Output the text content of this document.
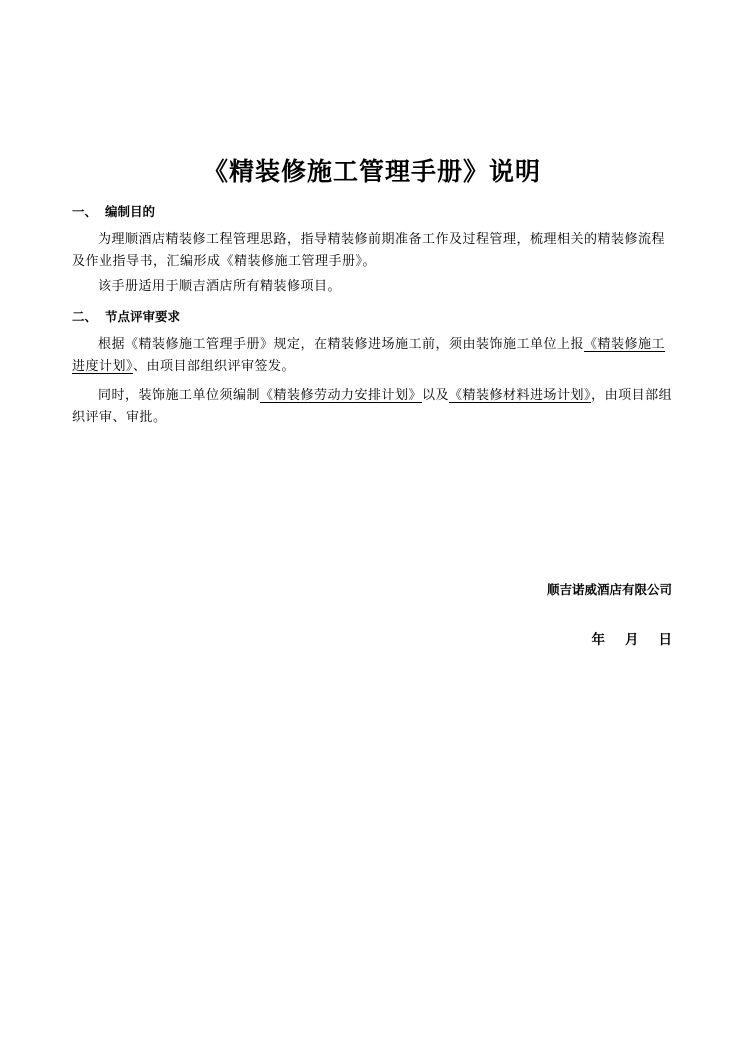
《精装修施工管理手册》说明
一、 编制目的

为理顺酒店精装修工程管理思路，指导精装修前期准备工作及过程管理，梳理相关的精装修流程及作业指导书，汇编形成《精装修施工管理手册》。

该手册适用于顺吉酒店所有精装修项目。

二、 节点评审要求

根据《精装修施工管理手册》规定，在精装修进场施工前，须由装饰施工单位上报《精装修施工进度计划》、由项目部组织评审签发。

同时，装饰施工单位须编制《精装修劳动力安排计划》以及《精装修材料进场计划》，由项目部组织评审、审批。

顺吉诺威酒店有限公司
年 月 日
